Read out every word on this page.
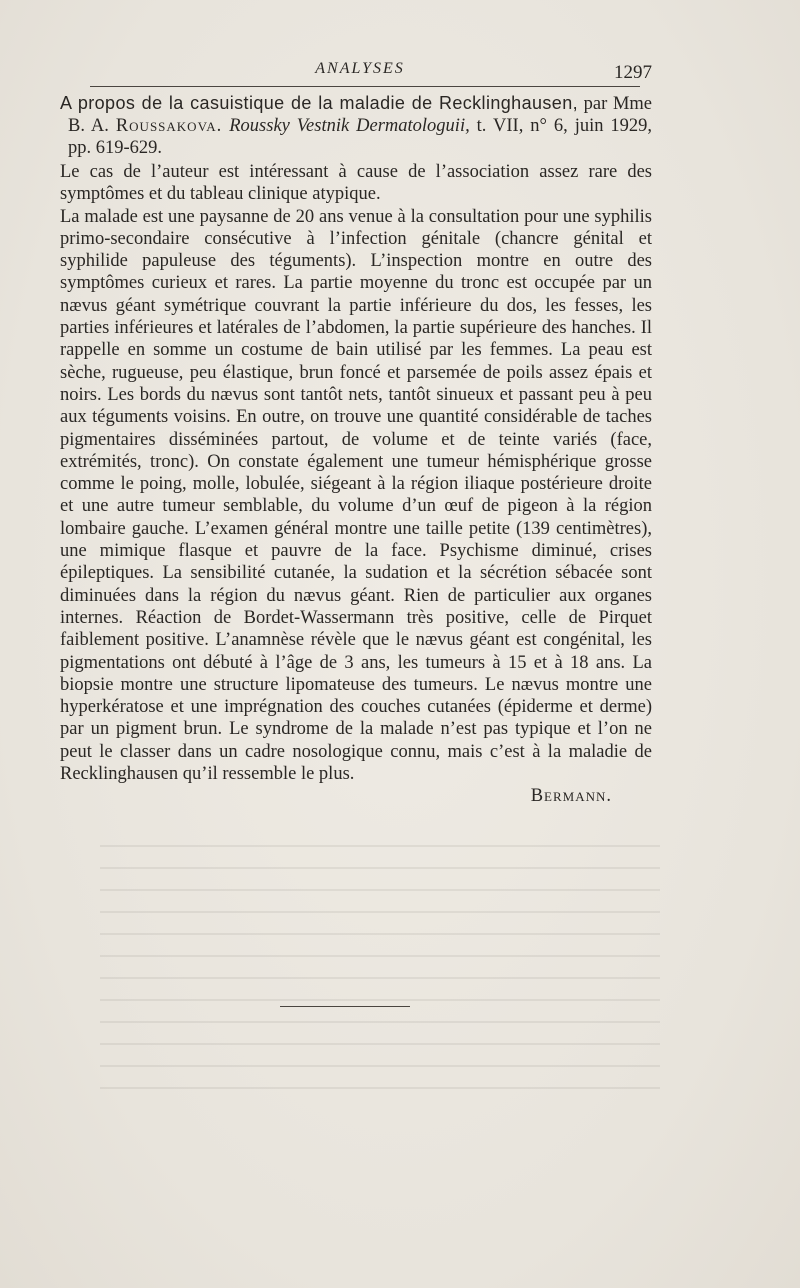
ANALYSES	1297

A propos de la casuistique de la maladie de Recklinghausen, par Mme B. A. Roussakova. Roussky Vestnik Dermatologuii, t. VII, n° 6, juin 1929, pp. 619-629.

Le cas de l’auteur est intéressant à cause de l’association assez rare des symptômes et du tableau clinique atypique.

La malade est une paysanne de 20 ans venue à la consultation pour une syphilis primo-secondaire consécutive à l’infection génitale (chancre génital et syphilide papuleuse des téguments). L’inspection montre en outre des symptômes curieux et rares. La partie moyenne du tronc est occupée par un nævus géant symétrique couvrant la partie inférieure du dos, les fesses, les parties inférieures et latérales de l’abdomen, la partie supérieure des hanches. Il rappelle en somme un costume de bain utilisé par les femmes. La peau est sèche, rugueuse, peu élastique, brun foncé et parsemée de poils assez épais et noirs. Les bords du nævus sont tantôt nets, tantôt sinueux et passant peu à peu aux téguments voisins. En outre, on trouve une quantité considérable de taches pigmentaires disséminées partout, de volume et de teinte variés (face, extrémités, tronc). On constate également une tumeur hémisphérique grosse comme le poing, molle, lobulée, siégeant à la région iliaque postérieure droite et une autre tumeur semblable, du volume d’un œuf de pigeon à la région lombaire gauche. L’examen général montre une taille petite (139 centimètres), une mimique flasque et pauvre de la face. Psychisme diminué, crises épileptiques. La sensibilité cutanée, la sudation et la sécrétion sébacée sont diminuées dans la région du nævus géant. Rien de particulier aux organes internes. Réaction de Bordet-Wassermann très positive, celle de Pirquet faiblement positive. L’anamnèse révèle que le nævus géant est congénital, les pigmentations ont débuté à l’âge de 3 ans, les tumeurs à 15 et à 18 ans. La biopsie montre une structure lipomateuse des tumeurs. Le nævus montre une hyperkératose et une imprégnation des couches cutanées (épiderme et derme) par un pigment brun. Le syndrome de la malade n’est pas typique et l’on ne peut le classer dans un cadre nosologique connu, mais c’est à la maladie de Recklinghausen qu’il ressemble le plus.

Bermann.
